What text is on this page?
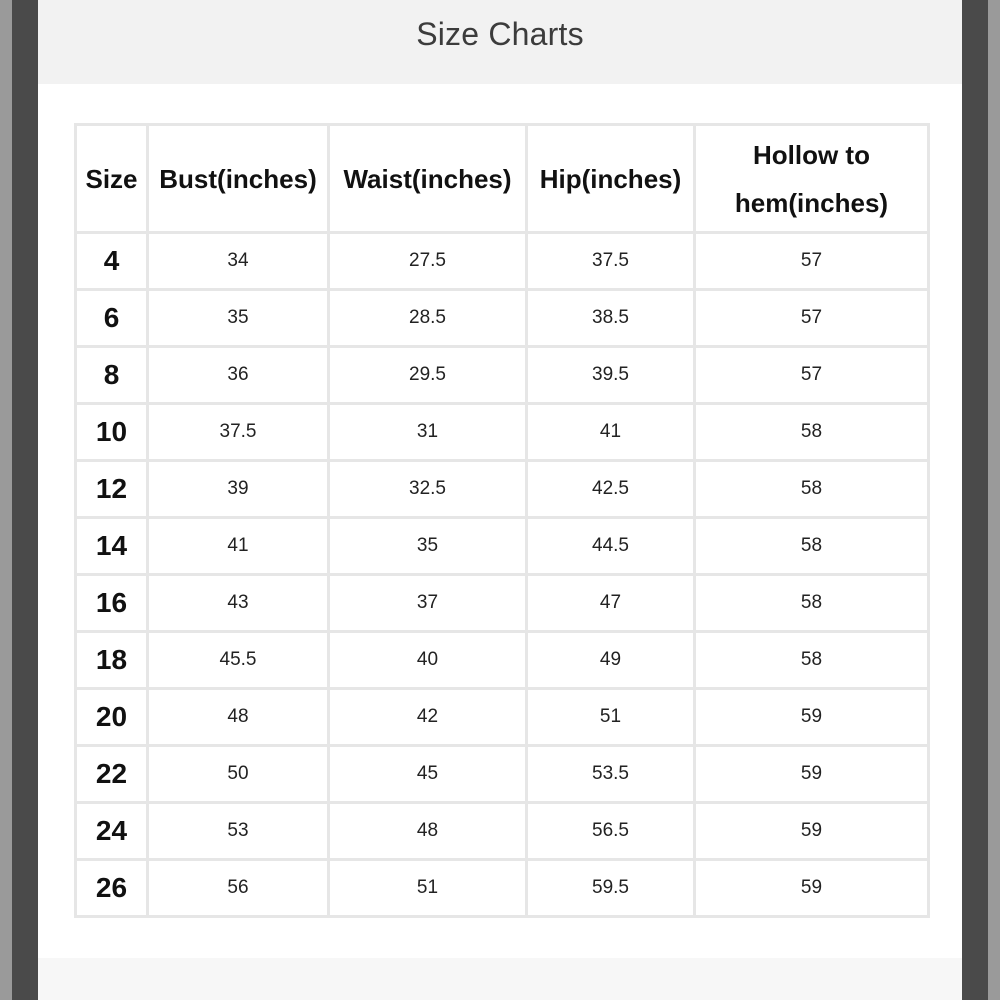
Size Charts
Size	Bust(inches)	Waist(inches)	Hip(inches)	Hollow to hem(inches)
4	34	27.5	37.5	57
6	35	28.5	38.5	57
8	36	29.5	39.5	57
10	37.5	31	41	58
12	39	32.5	42.5	58
14	41	35	44.5	58
16	43	37	47	58
18	45.5	40	49	58
20	48	42	51	59
22	50	45	53.5	59
24	53	48	56.5	59
26	56	51	59.5	59
